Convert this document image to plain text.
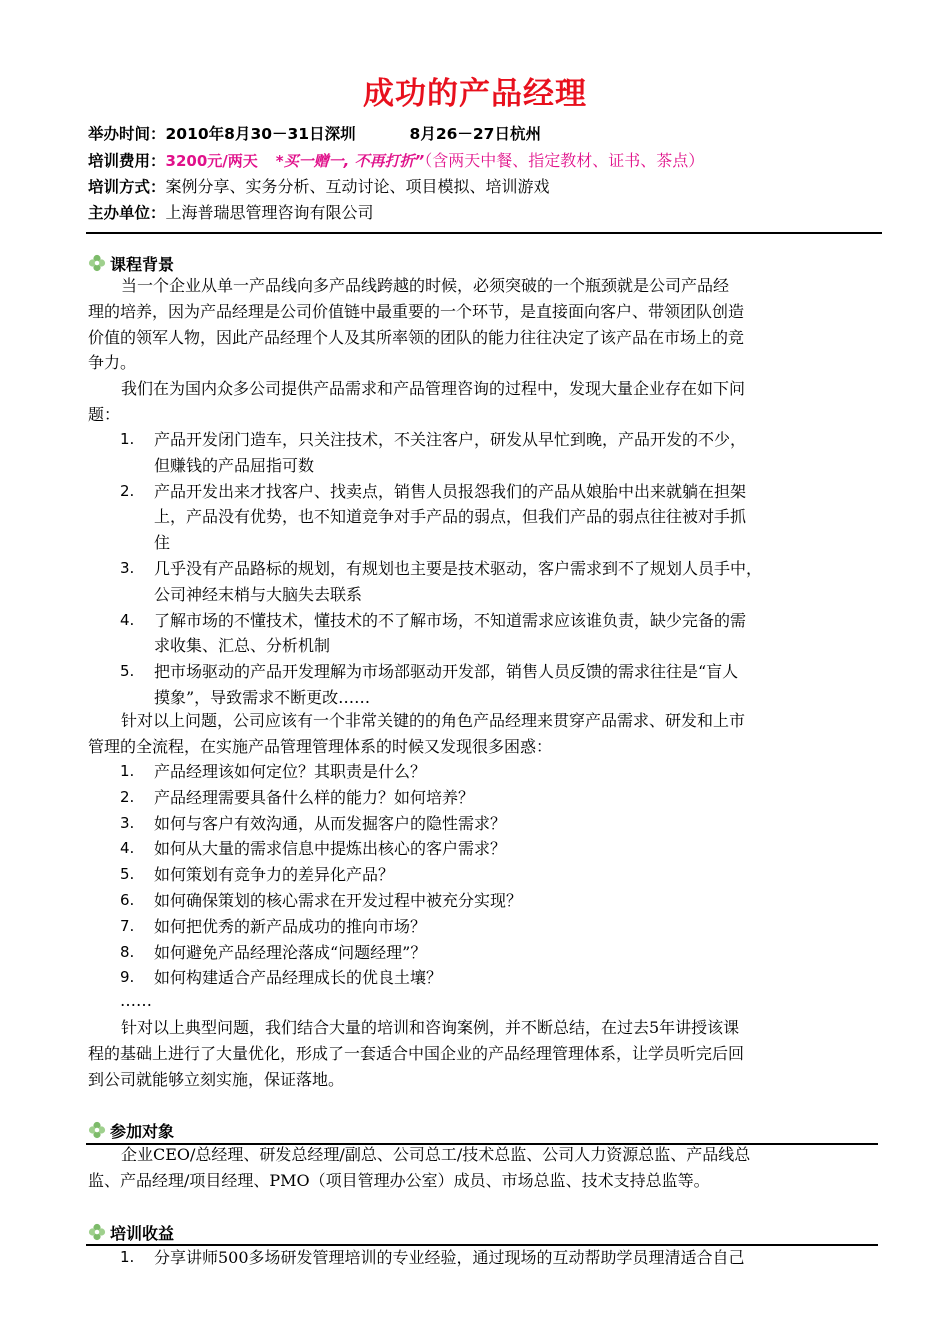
成功的产品经理
举办时间：2010年8月30－31日深圳          8月26－27日杭州
培训费用：3200元/两天 *买一赠一, 不再打折”（含两天中餐、指定教材、证书、茶点）
培训方式：案例分享、实务分析、互动讨论、项目模拟、培训游戏
主办单位：上海普瑞思管理咨询有限公司
课程背景
当一个企业从单一产品线向多产品线跨越的时候，必须突破的一个瓶颈就是公司产品经
理的培养，因为产品经理是公司价值链中最重要的一个环节，是直接面向客户、带领团队创造
价值的领军人物，因此产品经理个人及其所率领的团队的能力往往决定了该产品在市场上的竞
争力。
我们在为国内众多公司提供产品需求和产品管理咨询的过程中，发现大量企业存在如下问
题：
1.	产品开发闭门造车，只关注技术，不关注客户，研发从早忙到晚，产品开发的不少，
但赚钱的产品屈指可数
2.	产品开发出来才找客户、找卖点，销售人员报怨我们的产品从娘胎中出来就躺在担架
上，产品没有优势，也不知道竞争对手产品的弱点，但我们产品的弱点往往被对手抓
住
3.	几乎没有产品路标的规划，有规划也主要是技术驱动，客户需求到不了规划人员手中，
公司神经末梢与大脑失去联系
4.	了解市场的不懂技术，懂技术的不了解市场，不知道需求应该谁负责，缺少完备的需
求收集、汇总、分析机制
5.	把市场驱动的产品开发理解为市场部驱动开发部，销售人员反馈的需求往往是“盲人
摸象”，导致需求不断更改……
针对以上问题，公司应该有一个非常关键的的角色产品经理来贯穿产品需求、研发和上市
管理的全流程，在实施产品管理管理体系的时候又发现很多困惑：
1.	产品经理该如何定位？其职责是什么？
2.	产品经理需要具备什么样的能力？如何培养？
3.	如何与客户有效沟通，从而发掘客户的隐性需求？
4.	如何从大量的需求信息中提炼出核心的客户需求？
5.	如何策划有竞争力的差异化产品？
6.	如何确保策划的核心需求在开发过程中被充分实现？
7.	如何把优秀的新产品成功的推向市场？
8.	如何避免产品经理沦落成“问题经理”？
9.	如何构建适合产品经理成长的优良土壤？
……
针对以上典型问题，我们结合大量的培训和咨询案例，并不断总结，在过去5年讲授该课
程的基础上进行了大量优化，形成了一套适合中国企业的产品经理管理体系，让学员听完后回
到公司就能够立刻实施，保证落地。
参加对象
企业CEO/总经理、研发总经理/副总、公司总工/技术总监、公司人力资源总监、产品线总
监、产品经理/项目经理、PMO（项目管理办公室）成员、市场总监、技术支持总监等。
培训收益
1.	分享讲师500多场研发管理培训的专业经验，通过现场的互动帮助学员理清适合自己
